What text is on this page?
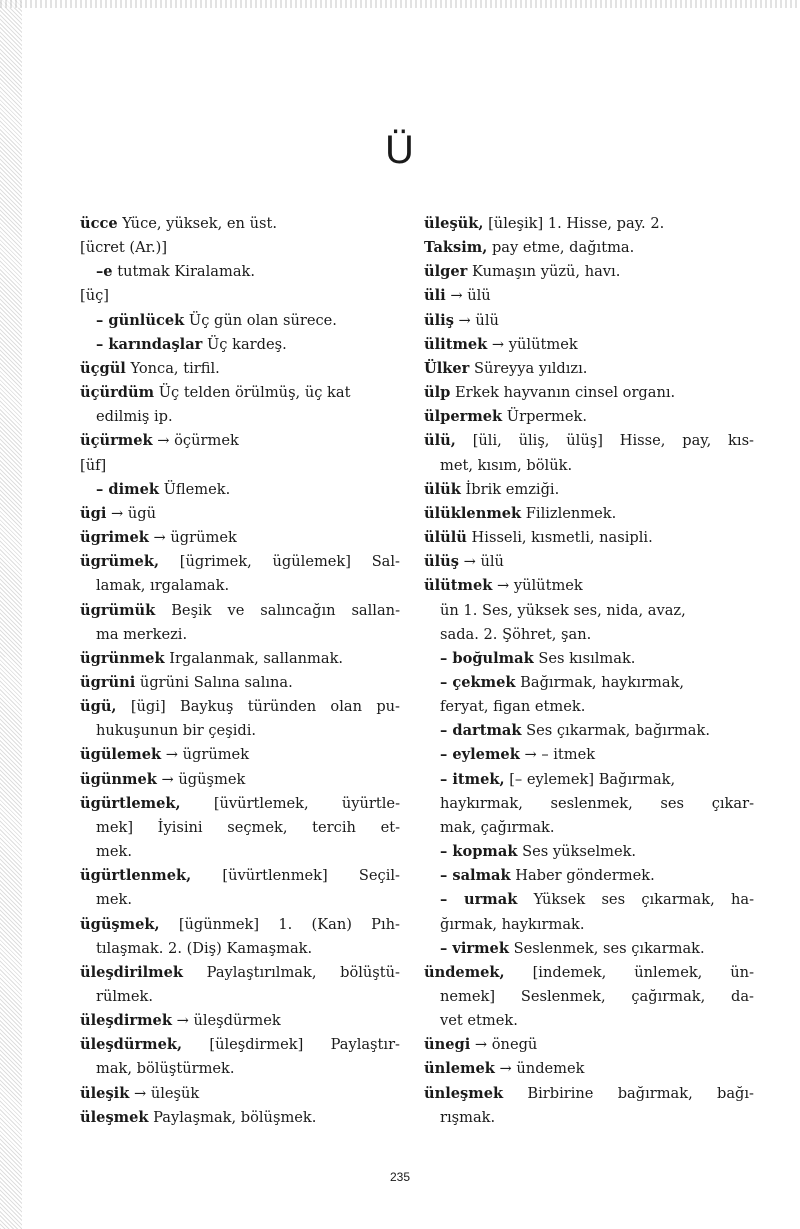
Ü
ücce Yüce, yüksek, en üst.
[ücret (Ar.)]
–e tutmak Kiralamak.
[üç]
– günlücek Üç gün olan sürece.
– karındaşlar Üç kardeş.
üçgül Yonca, tirfil.
üçürdüm Üç telden örülmüş, üç kat
edilmiş ip.
üçürmek → öçürmek
[üf]
– dimek Üflemek.
ügi → ügü
ügrimek → ügrümek
ügrümek, [ügrimek, ügülemek] Sal-
lamak, ırgalamak.
ügrümük Beşik ve salıncağın sallan-
ma merkezi.
ügrünmek Irgalanmak, sallanmak.
ügrüni ügrüni Salına salına.
ügü, [ügi] Baykuş türünden olan pu-
hukuşunun bir çeşidi.
ügülemek → ügrümek
ügünmek → ügüşmek
ügürtlemek, [üvürtlemek, üyürtle-
mek] İyisini seçmek, tercih et-
mek.
ügürtlenmek, [üvürtlenmek] Seçil-
mek.
ügüşmek, [ügünmek] 1. (Kan) Pıh-
tılaşmak. 2. (Diş) Kamaşmak.
üleşdirilmek Paylaştırılmak, bölüştü-
rülmek.
üleşdirmek → üleşdürmek
üleşdürmek, [üleşdirmek] Paylaştır-
mak, bölüştürmek.
üleşik → üleşük
üleşmek Paylaşmak, bölüşmek.
üleşük, [üleşik] 1. Hisse, pay. 2.
Taksim, pay etme, dağıtma.
ülger Kumaşın yüzü, havı.
üli → ülü
üliş → ülü
ülitmek → yülütmek
Ülker Süreyya yıldızı.
ülp Erkek hayvanın cinsel organı.
ülpermek Ürpermek.
ülü, [üli, üliş, ülüş] Hisse, pay, kıs-
met, kısım, bölük.
ülük İbrik emziği.
ülüklenmek Filizlenmek.
ülülü Hisseli, kısmetli, nasipli.
ülüş → ülü
ülütmek → yülütmek
ün 1. Ses, yüksek ses, nida, avaz,
sada. 2. Şöhret, şan.
– boğulmak Ses kısılmak.
– çekmek Bağırmak, haykırmak,
feryat, figan etmek.
– dartmak Ses çıkarmak, bağırmak.
– eylemek → – itmek
– itmek, [– eylemek] Bağırmak,
haykırmak, seslenmek, ses çıkar-
mak, çağırmak.
– kopmak Ses yükselmek.
– salmak Haber göndermek.
– urmak Yüksek ses çıkarmak, ha-
ğırmak, haykırmak.
– virmek Seslenmek, ses çıkarmak.
ündemek, [indemek, ünlemek, ün-
nemek] Seslenmek, çağırmak, da-
vet etmek.
ünegi → önegü
ünlemek → ündemek
ünleşmek Birbirine bağırmak, bağı-
rışmak.
235
